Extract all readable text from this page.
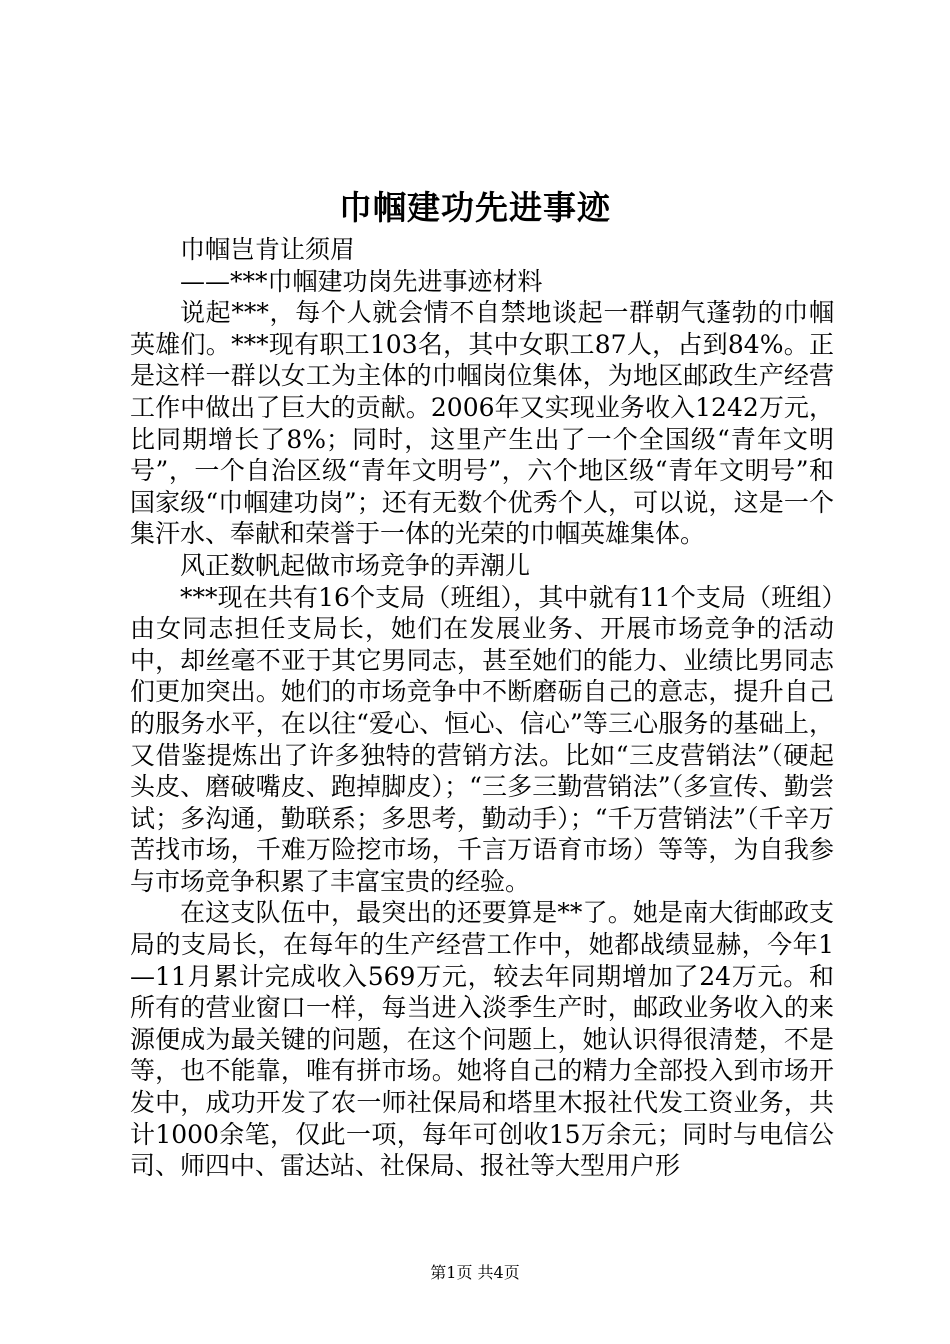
巾帼建功先进事迹

巾帼岂肯让须眉

——***巾帼建功岗先进事迹材料

说起***，每个人就会情不自禁地谈起一群朝气蓬勃的巾帼英雄们。***现有职工103名，其中女职工87人，占到84%。正是这样一群以女工为主体的巾帼岗位集体，为地区邮政生产经营工作中做出了巨大的贡献。2006年又实现业务收入1242万元，比同期增长了8%；同时，这里产生出了一个全国级“青年文明号”，一个自治区级“青年文明号”，六个地区级“青年文明号”和国家级“巾帼建功岗”；还有无数个优秀个人，可以说，这是一个集汗水、奉献和荣誉于一体的光荣的巾帼英雄集体。

风正数帆起做市场竞争的弄潮儿

***现在共有16个支局（班组），其中就有11个支局（班组）由女同志担任支局长，她们在发展业务、开展市场竞争的活动中，却丝毫不亚于其它男同志，甚至她们的能力、业绩比男同志们更加突出。她们的市场竞争中不断磨砺自己的意志，提升自己的服务水平，在以往“爱心、恒心、信心”等三心服务的基础上，又借鉴提炼出了许多独特的营销方法。比如“三皮营销法”（硬起头皮、磨破嘴皮、跑掉脚皮）；“三多三勤营销法”（多宣传、勤尝试；多沟通，勤联系；多思考，勤动手）；“千万营销法”（千辛万苦找市场，千难万险挖市场，千言万语育市场）等等，为自我参与市场竞争积累了丰富宝贵的经验。

在这支队伍中，最突出的还要算是**了。她是南大街邮政支局的支局长，在每年的生产经营工作中，她都战绩显赫，今年1—11月累计完成收入569万元，较去年同期增加了24万元。和所有的营业窗口一样，每当进入淡季生产时，邮政业务收入的来源便成为最关键的问题，在这个问题上，她认识得很清楚，不是等，也不能靠，唯有拼市场。她将自己的精力全部投入到市场开发中，成功开发了农一师社保局和塔里木报社代发工资业务，共计1000余笔，仅此一项，每年可创收15万余元；同时与电信公司、师四中、雷达站、社保局、报社等大型用户形

第1页 共4页
